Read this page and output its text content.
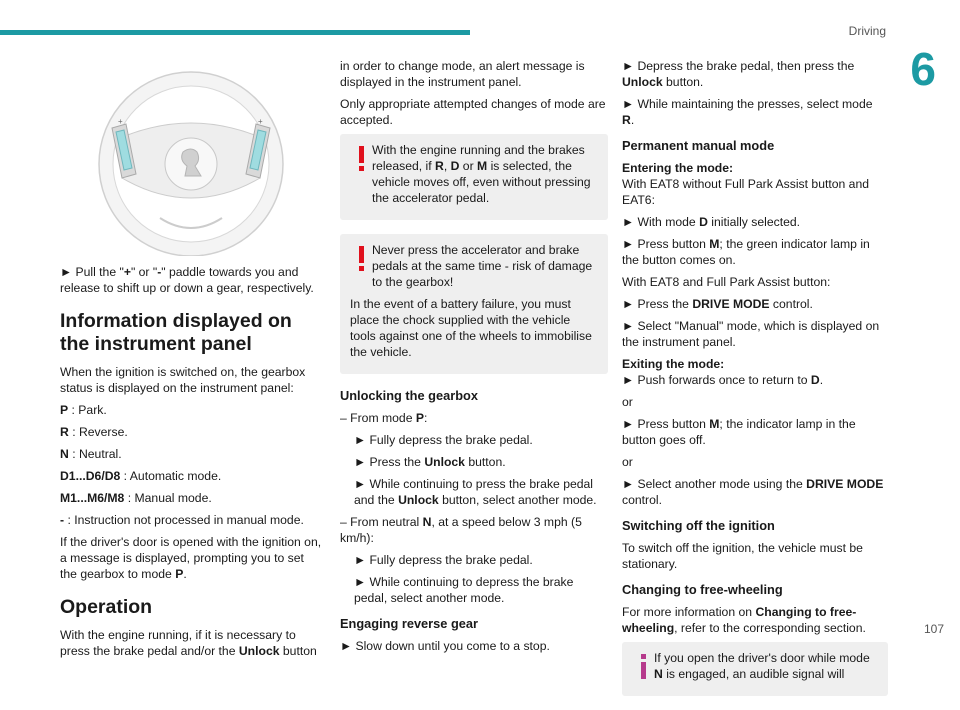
Driving
6
107
+	+

► Pull the "+" or "-" paddle towards you and release to shift up or down a gear, respectively.

Information displayed on the instrument panel

When the ignition is switched on, the gearbox status is displayed on the instrument panel:

P : Park.

R : Reverse.

N : Neutral.

D1...D6/D8 : Automatic mode.

M1...M6/M8 : Manual mode.

- : Instruction not processed in manual mode.

If the driver's door is opened with the ignition on, a message is displayed, prompting you to set the gearbox to mode P.

Operation

With the engine running, if it is necessary to press the brake pedal and/or the Unlock button

in order to change mode, an alert message is displayed in the instrument panel.

Only appropriate attempted changes of mode are accepted.

With the engine running and the brakes released, if R, D or M is selected, the vehicle moves off, even without pressing the accelerator pedal.

Never press the accelerator and brake pedals at the same time - risk of damage to the gearbox!

In the event of a battery failure, you must place the chock supplied with the vehicle tools against one of the wheels to immobilise the vehicle.

Unlocking the gearbox

– From mode P:

► Fully depress the brake pedal.

► Press the Unlock button.

► While continuing to press the brake pedal and the Unlock button, select another mode.

– From neutral N, at a speed below 3 mph (5 km/h):

► Fully depress the brake pedal.

► While continuing to depress the brake pedal, select another mode.

Engaging reverse gear

► Slow down until you come to a stop.

► Depress the brake pedal, then press the Unlock button.

► While maintaining the presses, select mode R.

Permanent manual mode
Entering the mode:

With EAT8 without Full Park Assist button and EAT6:

► With mode D initially selected.

► Press button M; the green indicator lamp in the button comes on.

With EAT8 and Full Park Assist button:

► Press the DRIVE MODE control.

► Select "Manual" mode, which is displayed on the instrument panel.

Exiting the mode:

► Push forwards once to return to D.

or

► Press button M; the indicator lamp in the button goes off.

or

► Select another mode using the DRIVE MODE control.

Switching off the ignition

To switch off the ignition, the vehicle must be stationary.

Changing to free-wheeling

For more information on Changing to free-wheeling, refer to the corresponding section.

If you open the driver's door while mode N is engaged, an audible signal will
